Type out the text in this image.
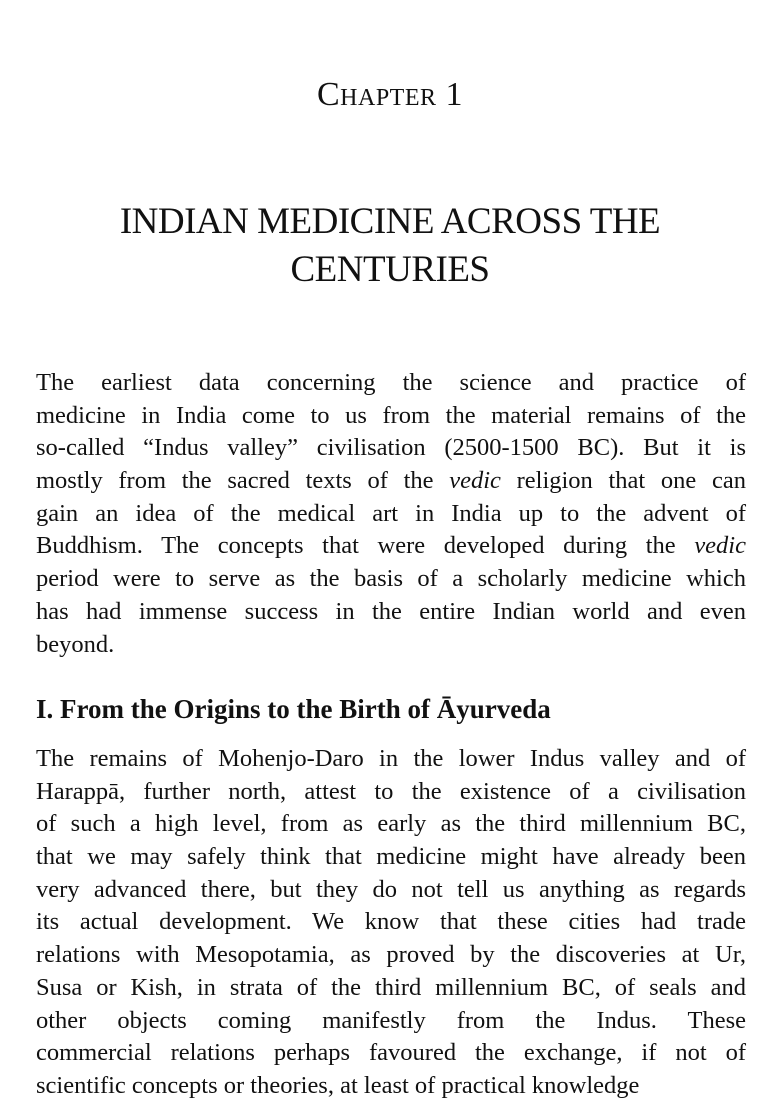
Chapter 1
INDIAN MEDICINE ACROSS THE
CENTURIES
The earliest data concerning the science and practice of
medicine in India come to us from the material remains of the
so-called “Indus valley” civilisation (2500-1500 BC). But it is
mostly from the sacred texts of the vedic religion that one can
gain an idea of the medical art in India up to the advent of
Buddhism. The concepts that were developed during the vedic
period were to serve as the basis of a scholarly medicine which
has had immense success in the entire Indian world and even
beyond.
I. From the Origins to the Birth of Āyurveda
The remains of Mohenjo-Daro in the lower Indus valley and of
Harappā, further north, attest to the existence of a civilisation
of such a high level, from as early as the third millennium BC,
that we may safely think that medicine might have already been
very advanced there, but they do not tell us anything as regards
its actual development. We know that these cities had trade
relations with Mesopotamia, as proved by the discoveries at Ur,
Susa or Kish, in strata of the third millennium BC, of seals and
other objects coming manifestly from the Indus. These
commercial relations perhaps favoured the exchange, if not of
scientific concepts or theories, at least of practical knowledge
